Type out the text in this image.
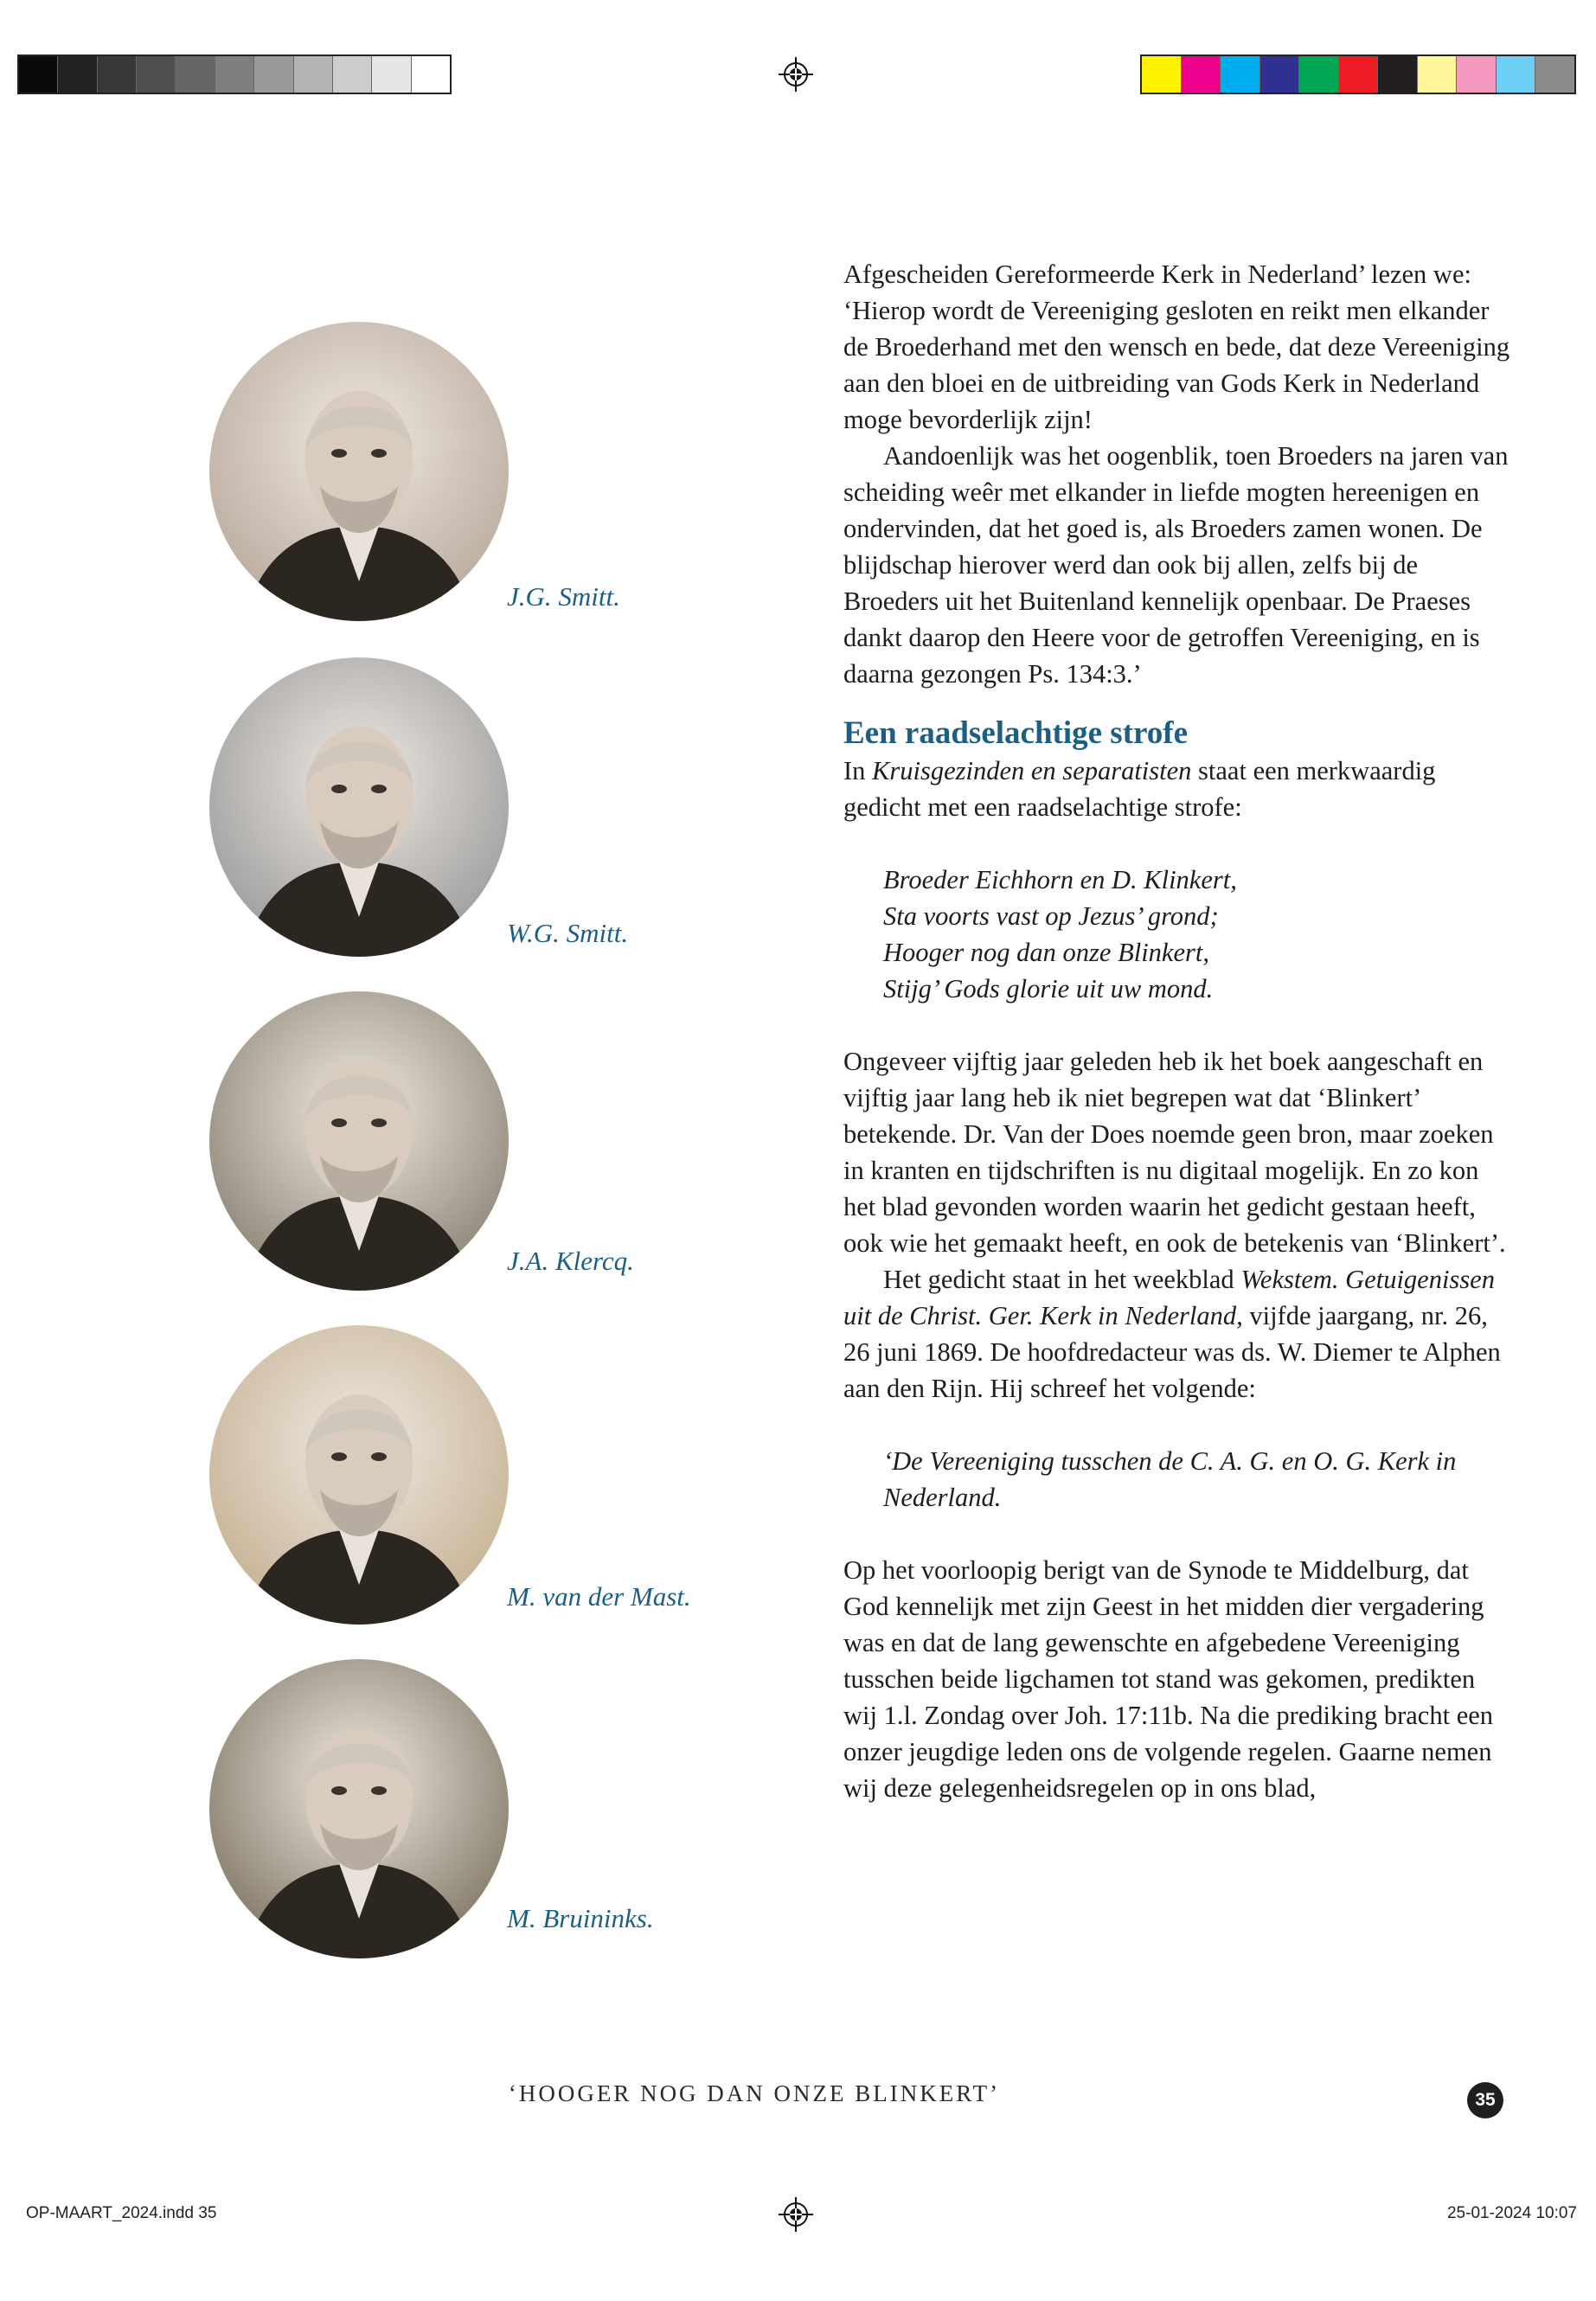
J.G. Smitt.
W.G. Smitt.
J.A. Klercq.
M. van der Mast.
M. Bruininks.

Afgescheiden Gereformeerde Kerk in Nederland’ lezen we: ‘Hierop wordt de Vereeniging gesloten en reikt men elkander de Broederhand met den wensch en bede, dat deze Vereeniging aan den bloei en de uitbreiding van Gods Kerk in Nederland moge bevorderlijk zijn!

Aandoenlijk was het oogenblik, toen Broeders na jaren van scheiding weêr met elkander in liefde mogten hereenigen en ondervinden, dat het goed is, als Broeders zamen wonen. De blijdschap hierover werd dan ook bij allen, zelfs bij de Broeders uit het Buitenland kennelijk openbaar. De Praeses dankt daarop den Heere voor de getroffen Vereeniging, en is daarna gezongen Ps. 134:3.’

Een raadselachtige strofe

In Kruisgezinden en separatisten staat een merkwaardig gedicht met een raadselachtige strofe:

Broeder Eichhorn en D. Klinkert,
Sta voorts vast op Jezus’ grond;
Hooger nog dan onze Blinkert,
Stijg’ Gods glorie uit uw mond.

Ongeveer vijftig jaar geleden heb ik het boek aangeschaft en vijftig jaar lang heb ik niet begrepen wat dat ‘Blinkert’ betekende. Dr. Van der Does noemde geen bron, maar zoeken in kranten en tijdschriften is nu digitaal mogelijk. En zo kon het blad gevonden worden waarin het gedicht gestaan heeft, ook wie het gemaakt heeft, en ook de betekenis van ‘Blinkert’.

Het gedicht staat in het weekblad Wekstem. Getuigenissen uit de Christ. Ger. Kerk in Nederland, vijfde jaargang, nr. 26, 26 juni 1869. De hoofdredacteur was ds. W. Diemer te Alphen aan den Rijn. Hij schreef het volgende:

‘De Vereeniging tusschen de C. A. G. en O. G. Kerk in Nederland.

Op het voorloopig berigt van de Synode te Middelburg, dat God kennelijk met zijn Geest in het midden dier vergadering was en dat de lang gewenschte en afgebedene Vereeniging tusschen beide ligchamen tot stand was gekomen, predikten wij 1.l. Zondag over Joh. 17:11b. Na die prediking bracht een onzer jeugdige leden ons de volgende regelen. Gaarne nemen wij deze gelegenheidsregelen op in ons blad,

‘HOOGER NOG DAN ONZE BLINKERT’	35
OP-MAART_2024.indd 35	25-01-2024 10:07
